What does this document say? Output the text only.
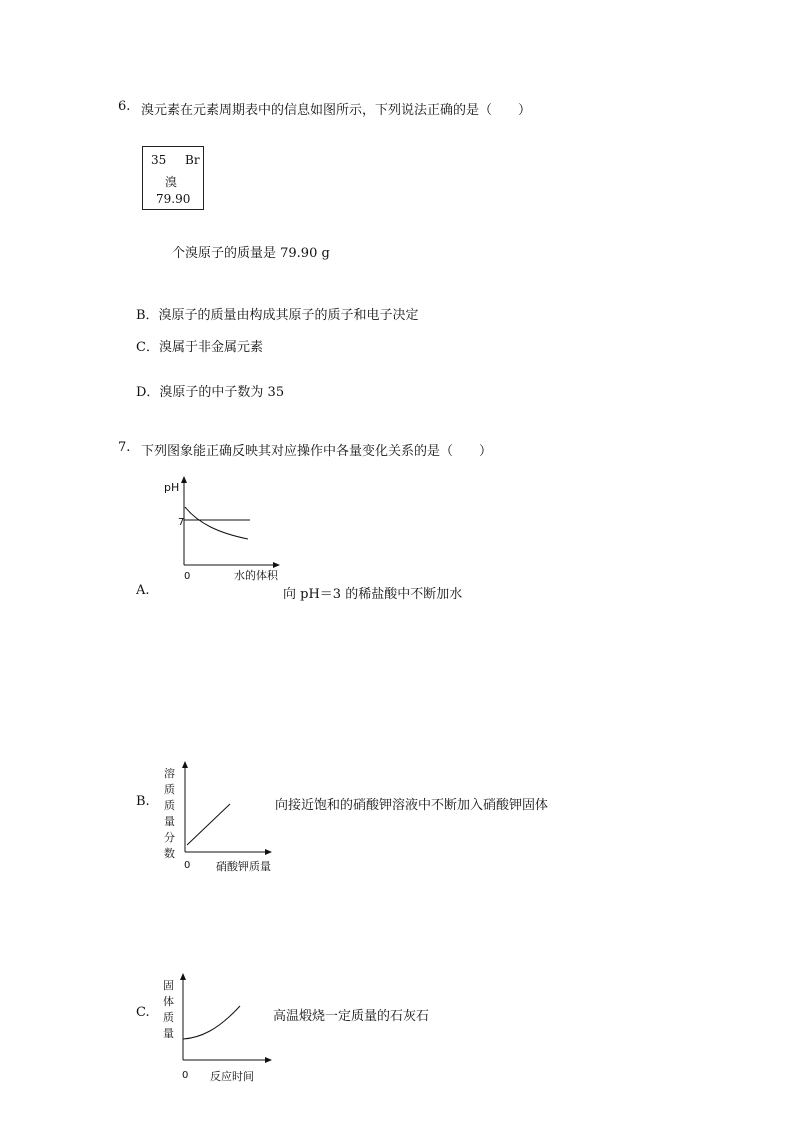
6. 溴元素在元素周期表中的信息如图所示，下列说法正确的是（　　）
35 Br
溴
79.90
个溴原子的质量是 79.90 g
B．溴原子的质量由构成其原子的质子和电子决定
C．溴属于非金属元素
D．溴原子的中子数为 35
7. 下列图象能正确反映其对应操作中各量变化关系的是（　　）
pH
7
0	水的体积
A.	向 pH＝3 的稀盐酸中不断加水
溶
质
质
量
分
数
0 硝酸钾质量
B.	向接近饱和的硝酸钾溶液中不断加入硝酸钾固体
固
体
质
量
0 反应时间
C.	高温煅烧一定质量的石灰石
